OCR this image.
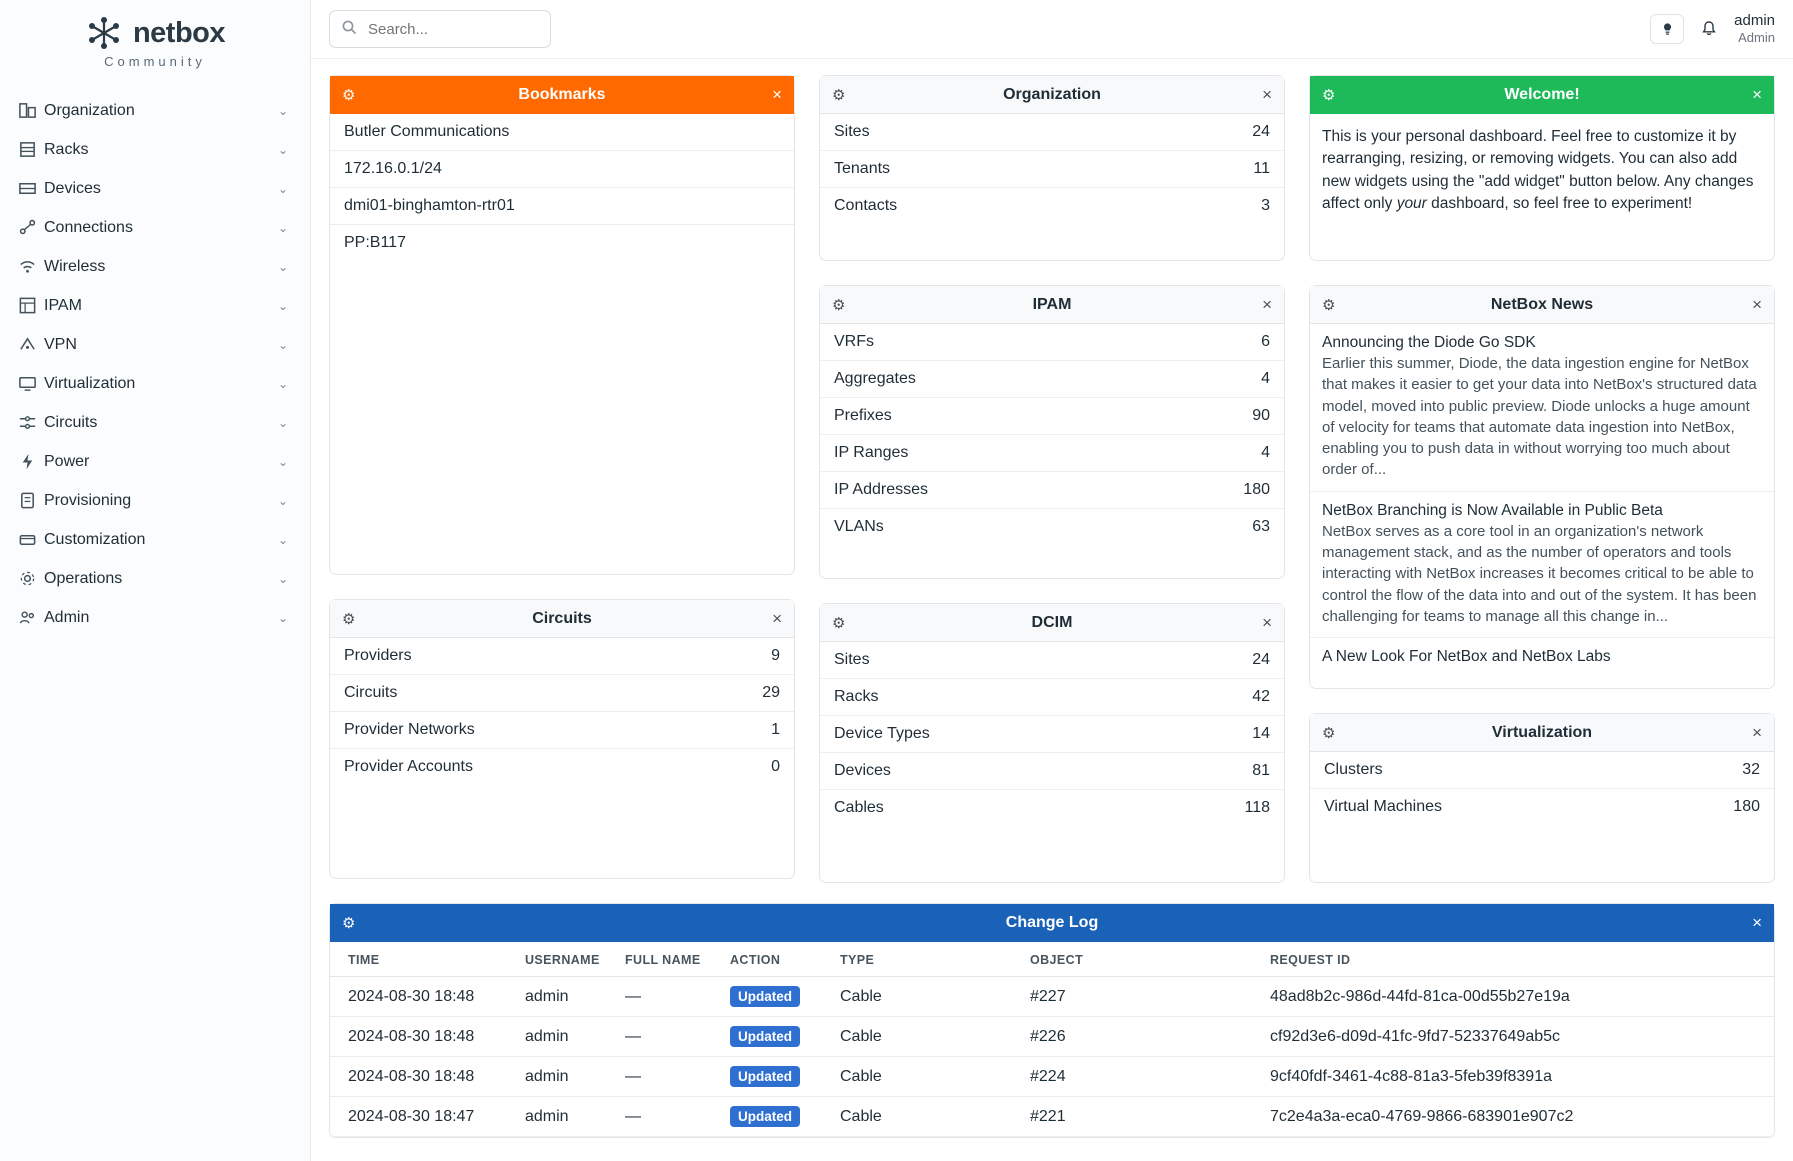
netbox
Community
Organization	⌄
Racks	⌄
Devices	⌄
Connections	⌄
Wireless	⌄
IPAM	⌄
VPN	⌄
Virtualization	⌄
Circuits	⌄
Power	⌄
Provisioning	⌄
Customization	⌄
Operations	⌄
Admin	⌄
Search...
admin
Admin
⚙	Bookmarks	×
Butler Communications
172.16.0.1/24
dmi01-binghamton-rtr01
PP:B117
⚙	Circuits	×
Providers	9
Circuits	29
Provider Networks	1
Provider Accounts	0
⚙	Organization	×
Sites	24
Tenants	11
Contacts	3
⚙	IPAM	×
VRFs	6
Aggregates	4
Prefixes	90
IP Ranges	4
IP Addresses	180
VLANs	63
⚙	DCIM	×
Sites	24
Racks	42
Device Types	14
Devices	81
Cables	118
⚙	Welcome!	×
This is your personal dashboard. Feel free to customize it by rearranging, resizing, or removing widgets. You can also add new widgets using the "add widget" button below. Any changes affect only your dashboard, so feel free to experiment!
⚙	NetBox News	×
Announcing the Diode Go SDK
Earlier this summer, Diode, the data ingestion engine for NetBox that makes it easier to get your data into NetBox's structured data model, moved into public preview. Diode unlocks a huge amount of velocity for teams that automate data ingestion into NetBox, enabling you to push data in without worrying too much about order of...
NetBox Branching is Now Available in Public Beta
NetBox serves as a core tool in an organization's network management stack, and as the number of operators and tools interacting with NetBox increases it becomes critical to be able to control the flow of the data into and out of the system. It has been challenging for teams to manage all this change in...
A New Look For NetBox and NetBox Labs
⚙	Virtualization	×
Clusters	32
Virtual Machines	180
⚙	Change Log	×
TIME	USERNAME	FULL NAME	ACTION	TYPE	OBJECT	REQUEST ID
2024-08-30 18:48	admin	—	Updated	Cable	#227	48ad8b2c-986d-44fd-81ca-00d55b27e19a
2024-08-30 18:48	admin	—	Updated	Cable	#226	cf92d3e6-d09d-41fc-9fd7-52337649ab5c
2024-08-30 18:48	admin	—	Updated	Cable	#224	9cf40fdf-3461-4c88-81a3-5feb39f8391a
2024-08-30 18:47	admin	—	Updated	Cable	#221	7c2e4a3a-eca0-4769-9866-683901e907c2
